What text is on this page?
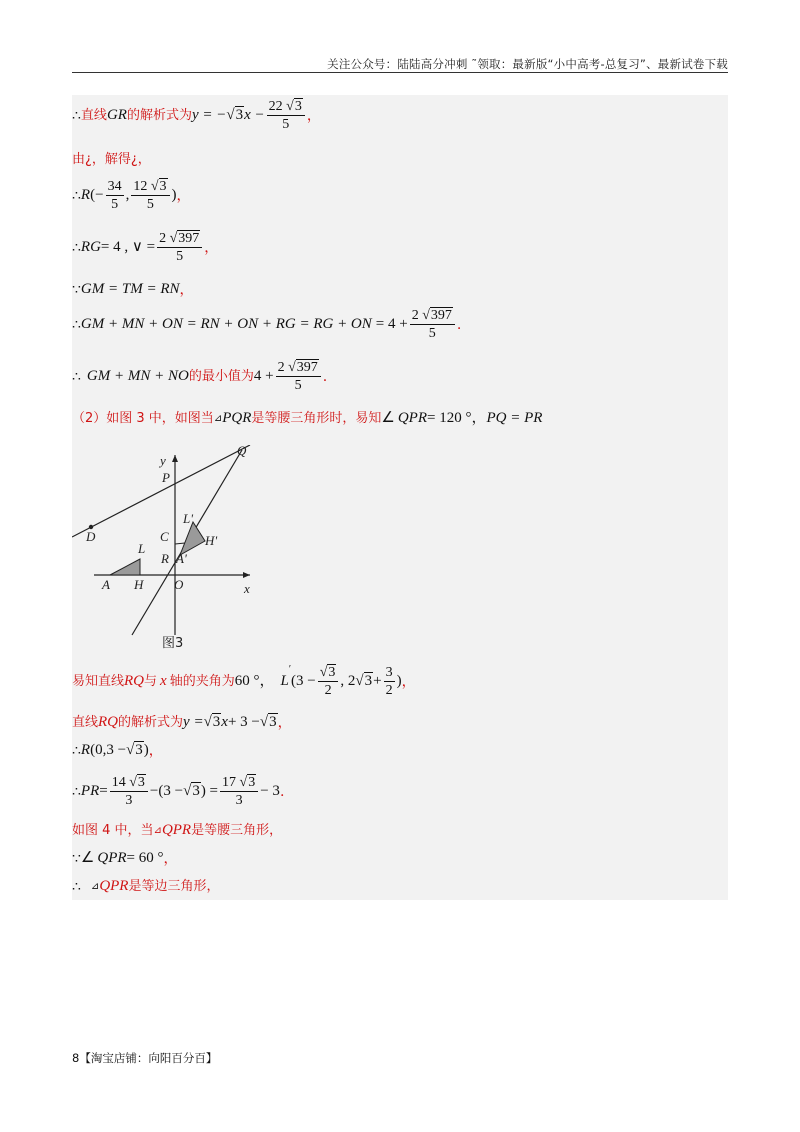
关注公众号：陆陆高分冲刺 ˜领取：最新版“小中高考-总复习”、最新试卷下载
∴ 直线 GR 的解析式为 y = − √3 $x - \frac{22 √3}{5}$ ，
由¿，解得¿，
∴ R (− $\frac{34}{5}$ , $\frac{12 √3}{5}$ ) ，
∴ RG = 4 , ∨ = $\frac{2 √397}{5}$ ，
∵ GM = TM = RN ，
∴ GM + MN + ON = RN + ON + RG = RG + ON = $4 + \frac{2 √397}{5}$ .
∴ GM + MN + NO 的最小值为 $4 + \frac{2 √397}{5}$ .
（2）如图 3 中，如图当 ⊿ PQR 是等腰三角形时，易知 ∠ QPR = 120 °， PQ = PR
易知直线 RQ 与 x 轴的夹角为 60 °， L
′
($3 - \frac{√3}{2}$ , 2 $√3 + \frac{3}{2}$ ) ，
直线 RQ 的解析式为 y = √3 x + 3 − √3 ，
∴ R (0,3 − √3 ) ，
∴ PR = $\frac{14 √3}{3} -(3 - √3$ ) = $\frac{17 √3}{3} - 3$ .
如图 4 中，当 ⊿ QPR 是等腰三角形，
∵ ∠ QPR = 60 ° ，
∴ ⊿ QPR 是等边三角形，
y
x
P
Q
D
L
L'
C	H'
R A'
A H O
图3
8【淘宝店铺：向阳百分百】
